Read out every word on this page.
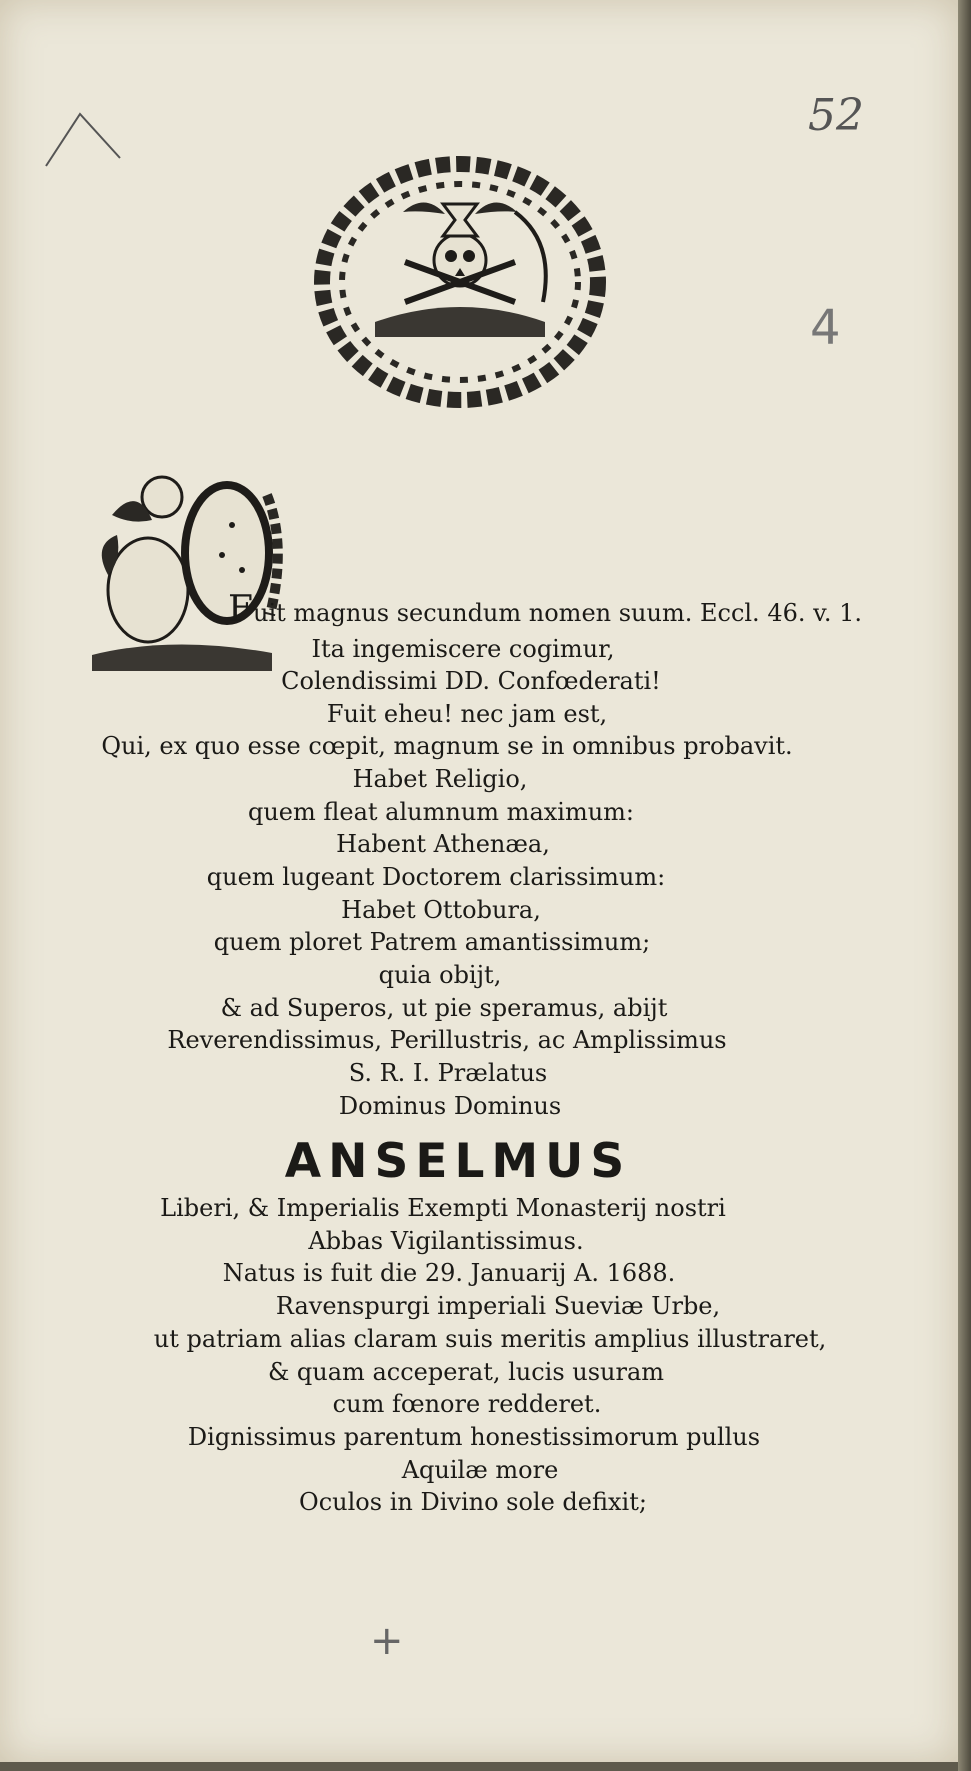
52
4
+
Fuit magnus secundum nomen suum. Eccl. 46. v. 1.
Ita ingemiscere cogimur,
Colendissimi DD. Confœderati!
Fuit eheu! nec jam est,
Qui, ex quo esse cœpit, magnum se in omnibus probavit.
Habet Religio,
quem fleat alumnum maximum:
Habent Athenæa,
quem lugeant Doctorem clarissimum:
Habet Ottobura,
quem ploret Patrem amantissimum;
quia obijt,
& ad Superos, ut pie speramus, abijt
Reverendissimus, Perillustris, ac Amplissimus
S. R. I. Prælatus
Dominus Dominus
ANSELMUS
Liberi, & Imperialis Exempti Monasterij nostri
Abbas Vigilantissimus.
Natus is fuit die 29. Januarij A. 1688.
Ravenspurgi imperiali Sueviæ Urbe,
ut patriam alias claram suis meritis amplius illustraret,
& quam acceperat, lucis usuram
cum fœnore redderet.
Dignissimus parentum honestissimorum pullus
Aquilæ more
Oculos in Divino sole defixit;
